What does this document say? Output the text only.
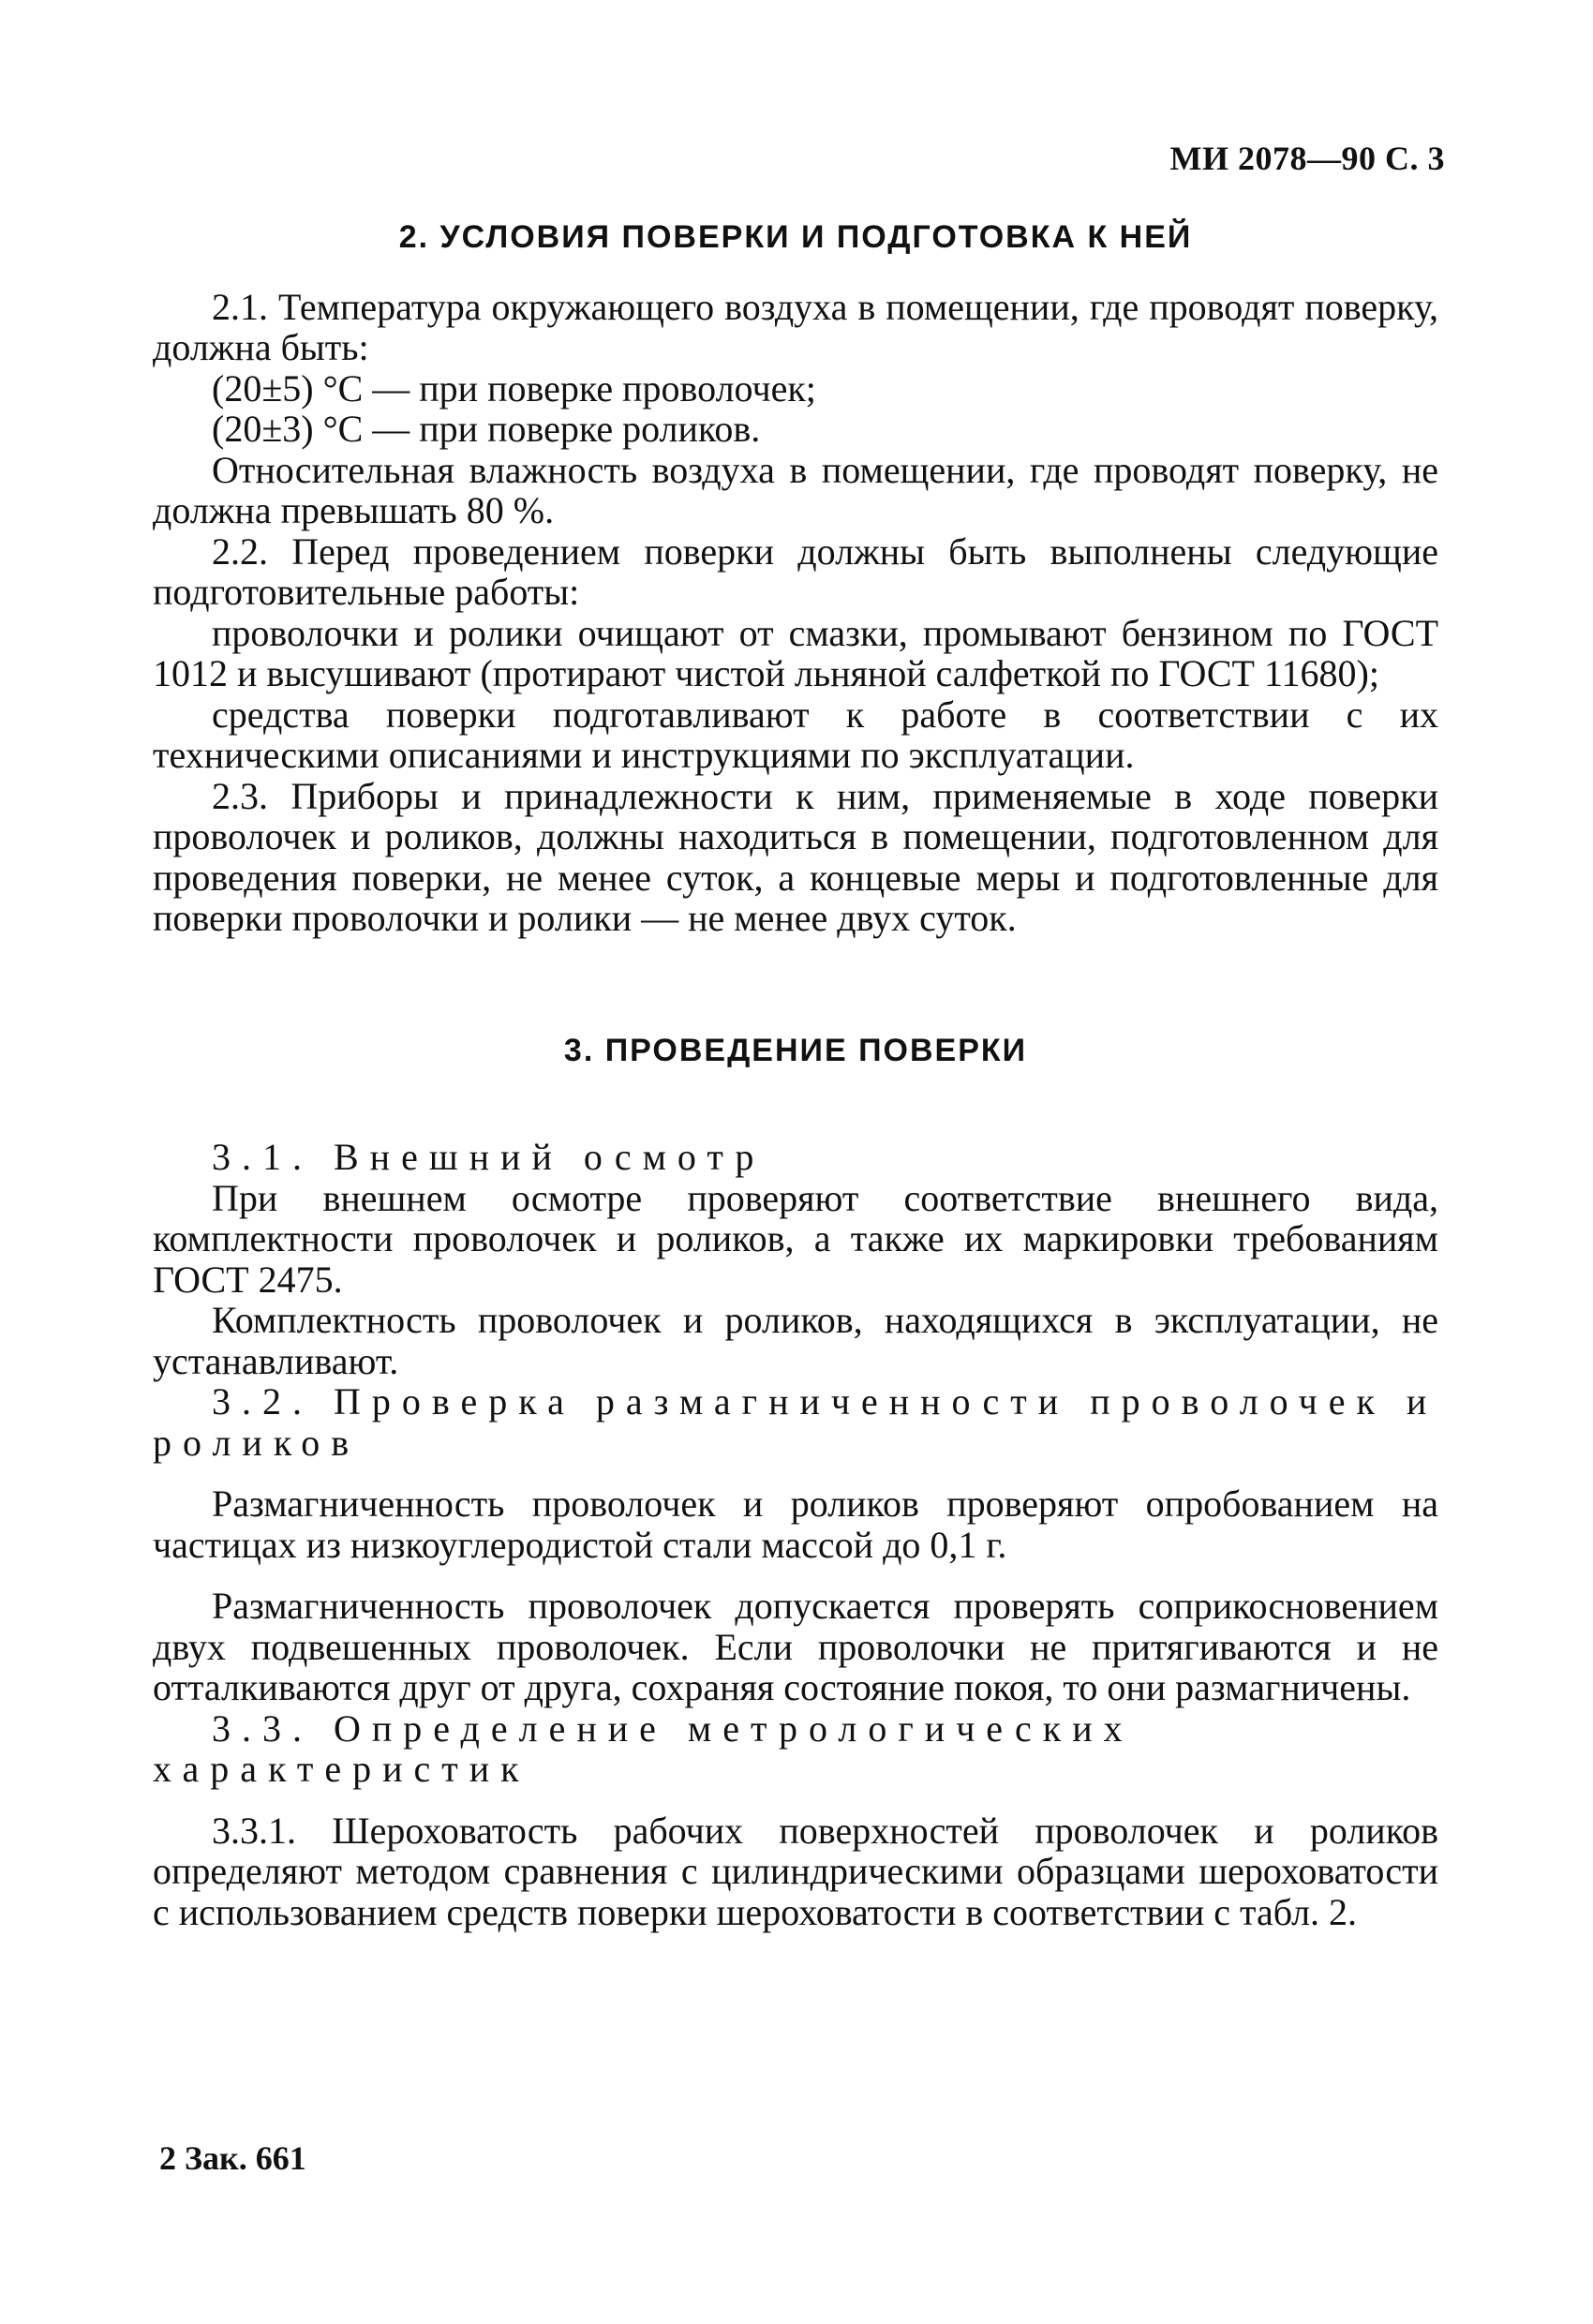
МИ 2078—90 С. 3
2. УСЛОВИЯ ПОВЕРКИ И ПОДГОТОВКА К НЕЙ

2.1. Температура окружающего воздуха в помещении, где проводят поверку, должна быть:

(20±5) °С — при поверке проволочек;

(20±3) °С — при поверке роликов.

Относительная влажность воздуха в помещении, где проводят поверку, не должна превышать 80 %.

2.2. Перед проведением поверки должны быть выполнены следующие подготовительные работы:

проволочки и ролики очищают от смазки, промывают бензином по ГОСТ 1012 и высушивают (протирают чистой льняной салфеткой по ГОСТ 11680);

средства поверки подготавливают к работе в соответствии с их техническими описаниями и инструкциями по эксплуатации.

2.3. Приборы и принадлежности к ним, применяемые в ходе поверки проволочек и роликов, должны находиться в помещении, подготовленном для проведения поверки, не менее суток, а концевые меры и подготовленные для поверки проволочки и ролики — не менее двух суток.

3. ПРОВЕДЕНИЕ ПОВЕРКИ

3.1. Внешний осмотр

При внешнем осмотре проверяют соответствие внешнего вида, комплектности проволочек и роликов, а также их маркировки требованиям ГОСТ 2475.

Комплектность проволочек и роликов, находящихся в эксплуатации, не устанавливают.

3.2. Проверка размагниченности проволочек и роликов

Размагниченность проволочек и роликов проверяют опробованием на частицах из низкоуглеродистой стали массой до 0,1 г.

Размагниченность проволочек допускается проверять соприкосновением двух подвешенных проволочек. Если проволочки не притягиваются и не отталкиваются друг от друга, сохраняя состояние покоя, то они размагничены.

3.3. Определение метрологических характеристик

3.3.1. Шероховатость рабочих поверхностей проволочек и роликов определяют методом сравнения с цилиндрическими образцами шероховатости с использованием средств поверки шероховатости в соответствии с табл. 2.

2 Зак. 661
